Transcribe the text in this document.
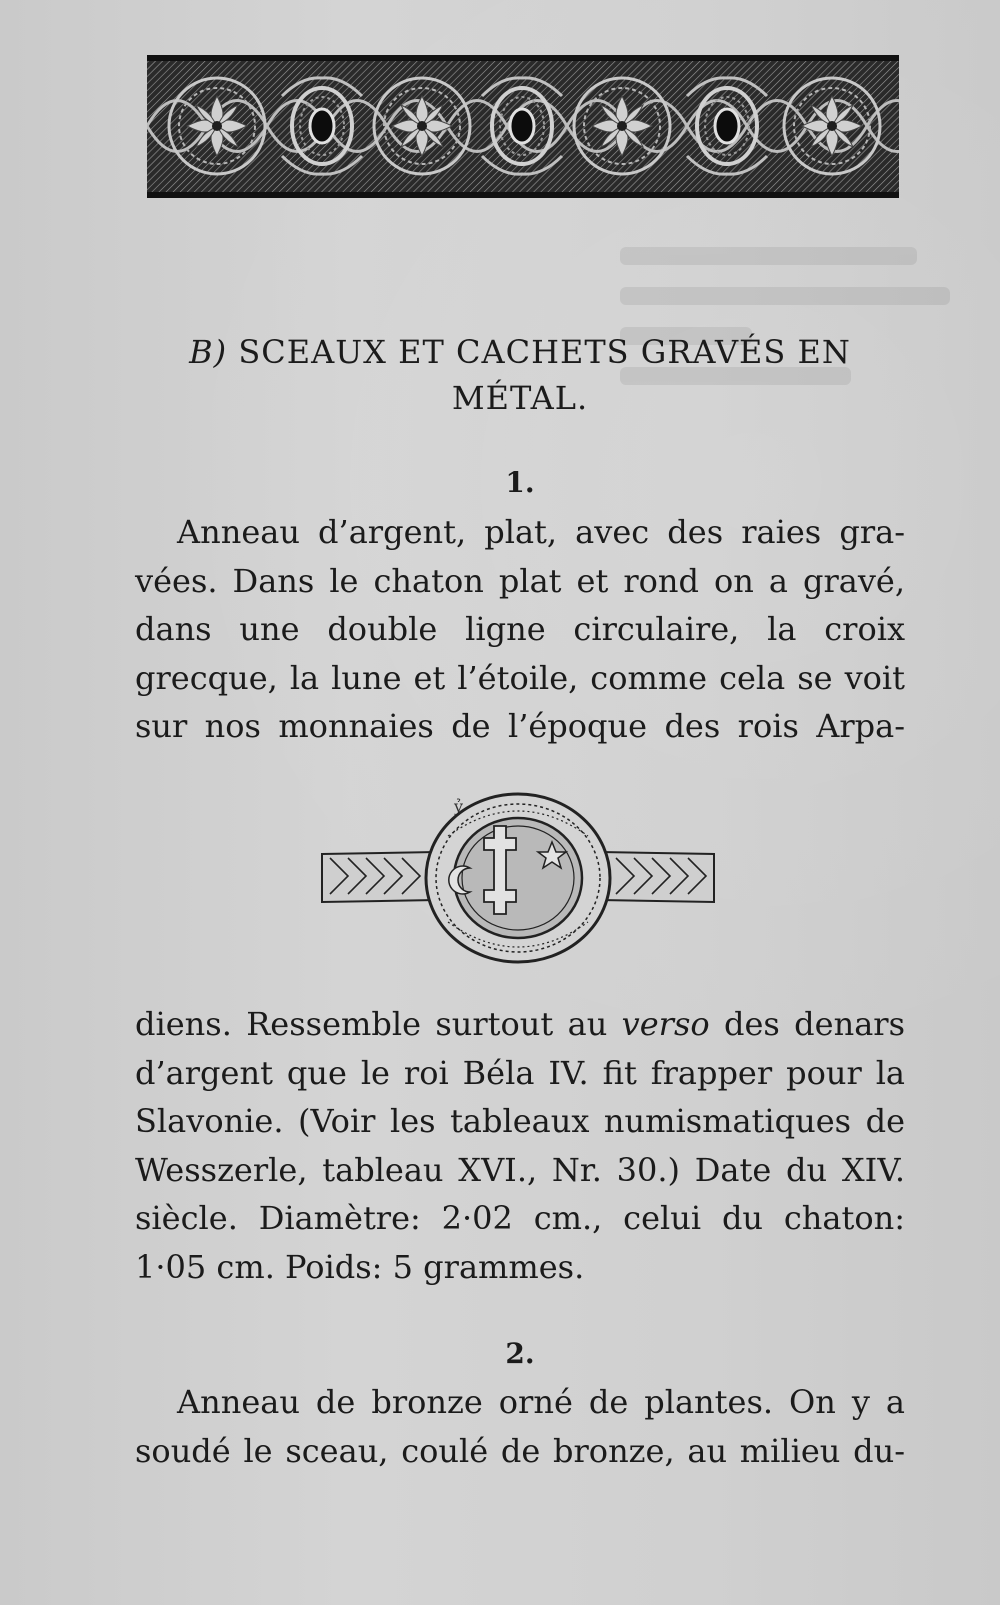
B) SCEAUX ET CACHETS GRAVÉS EN
MÉTAL.
1.
Anneau d’argent, plat, avec des raies gra-
vées. Dans le chaton plat et rond on a gravé,
dans une double ligne circulaire, la croix
grecque, la lune et l’étoile, comme cela se voit
sur nos monnaies de l’époque des rois Arpa-
ỷ
diens. Ressemble surtout au verso des denars
d’argent que le roi Béla IV. fit frapper pour la
Slavonie. (Voir les tableaux numismatiques de
Wesszerle, tableau XVI., Nr. 30.) Date du XIV.
siècle. Diamètre: 2·02 cm., celui du chaton:
1·05 cm. Poids: 5 grammes.
2.
Anneau de bronze orné de plantes. On y a
soudé le sceau, coulé de bronze, au milieu du-
